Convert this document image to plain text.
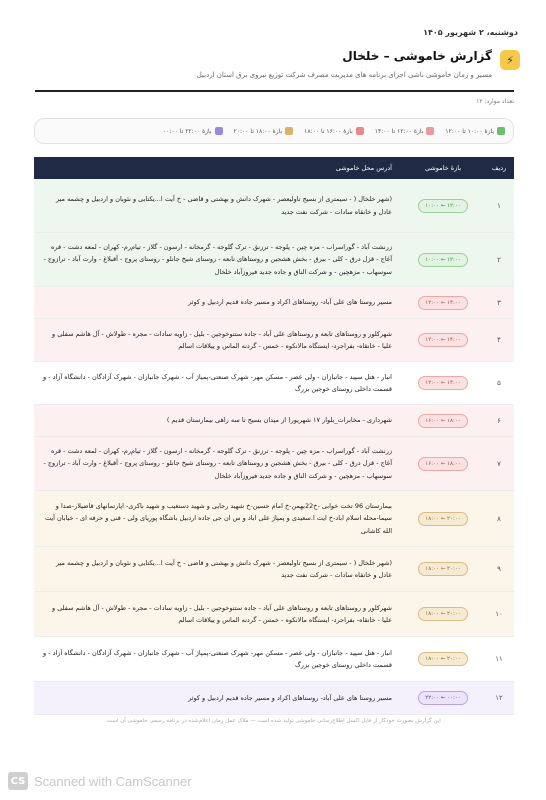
دوشنبه، ۲ شهریور ۱۴۰۵
⚡
گزارش خاموشی – خلخال
مسیر و زمان خاموشی ناشی اجرای برنامه های مدیریت مصرف شرکت توزیع نیروی برق استان اردبیل
تعداد موارد: ۱۲
بازهٔ ۱۰:۰۰ تا ۱۲:۰۰
بازهٔ ۱۲:۰۰ تا ۱۴:۰۰
بازهٔ ۱۶:۰۰ تا ۱۸:۰۰
بازهٔ ۱۸:۰۰ تا ۲۰:۰۰
بازهٔ ۲۲:۰۰ تا ۰۰:۰۰
ردیف
بازهٔ خاموشی
آدرس محل خاموشی
۱
۱۰:۰۰ ← ۱۲:۰۰
(شهر خلخال ( - سیمتری از بسیج تاولیعصر - شهرک دانش و بهشتی و قاضی - خ آیت ا...یکتایی و نئوبان و اردبیل و چشمه میر عادل و خانقاه سادات - شرکت نفت جدید
۲
۱۰:۰۰ ← ۱۲:۰۰
زرنشت آباد - گوراسراب - مزه چین - پلوجه - ترزنق - ترک گلوجه - گرمخانه - ارسون - گلاز - تیام‌رم- کهران - لمعه دشت - قره آغاج - قزل درق - کلی - بیرق - بخش هشجین و روستاهای تابعه - روستای شیخ جانلو - روستای پروج - آقبلاغ - وارت آباد - ترازوج - سوسهاب - مزهچین - و شرکت الناق و جاده جدید فیروزآباد خلخال
۳
۱۲:۰۰ ← ۱۴:۰۰
مسیر روستا های علی آباد- روستاهای اکراد و مسیر جاده قدیم اردبیل و کوثر
۴
۱۲:۰۰ ← ۱۴:۰۰
شهرکلور و روستاهای تابعه و روستاهای علی آباد - جاده ستتوخوجین - بلیل - زاویه سادات - مجره - طولاش - آل هاشم سفلی و علیا - خانقاه- بفراجرد- ایستگاه مالانکوه - خمس - گردنه الماس و ییلاقات اسالم
۵
۱۲:۰۰ ← ۱۴:۰۰
انبار - هتل سپید - جانبازان - ولی عصر - مسکن مهر- شهرک صنعتی-پمپاژ آب - شهرک جانبازان - شهرک آزادگان - دانشگاه آزاد - و قسمت داخلی روستای خوجین بزرگ
۶
۱۶:۰۰ ← ۱۸:۰۰
شهرداری - مخابرات_بلوار ۱۷ شهریور( از میدان بسیج تا سه راهی بیمارستان قدیم )
۷
۱۶:۰۰ ← ۱۸:۰۰
زرنشت آباد - گوراسراب - مزه چین - پلوجه - ترزنق - ترک گلوجه - گرمخانه - ارسون - گلاز - تیام‌رم- کهران - لمعه دشت - قره آغاج - قزل درق - کلی - بیرق - بخش هشجین و روستاهای تابعه - روستای شیخ جانلو - روستای پروج - آقبلاغ - وارت آباد - ترازوج - سوسهاب - مزهچین - و شرکت الناق و جاده جدید فیروزآباد خلخال
۸
۱۸:۰۰ ← ۲۰:۰۰
بیمارستان 96 تخت خوابی -خ22بهمن-خ امام حسین-خ شهید رجایی و شهید دستغیب و شهید باکری- اپارتمانهای قاضیلار-صدا و سیما-محله اسلام اباد-خ ایت ا.سعیدی و پمپاژ علی اباد و س ان جی جاده اردبیل باشگاه پوریای ولی - قنی و حرفه ای - خیابان آیت الله کاشانی
۹
۱۸:۰۰ ← ۲۰:۰۰
(شهر خلخال ( - سیمتری از بسیج تاولیعصر - شهرک دانش و بهشتی و قاضی - خ آیت ا...یکتایی و نئوبان و اردبیل و چشمه میر عادل و خانقاه سادات - شرکت نفت جدید
۱۰
۱۸:۰۰ ← ۲۰:۰۰
شهرکلور و روستاهای تابعه و روستاهای علی آباد - جاده ستتوخوجین - بلیل - زاویه سادات - مجره - طولاش - آل هاشم سفلی و علیا - خانقاه- بفراجرد- ایستگاه مالانکوه - خمس - گردنه الماس و ییلاقات اسالم
۱۱
۱۸:۰۰ ← ۲۰:۰۰
انبار - هتل سپید - جانبازان - ولی عصر - مسکن مهر- شهرک صنعتی-پمپاژ آب - شهرک جانبازان - شهرک آزادگان - دانشگاه آزاد - و قسمت داخلی روستای خوجین بزرگ
۱۲
۲۲:۰۰ ← ۰۰:۰۰
مسیر روستا های علی آباد- روستاهای اکراد و مسیر جاده قدیم اردبیل و کوثر
این گزارش بصورت خودکار از فایل اکسل اطلاع‌رسانی خاموشی تولید شده است — ملاک عمل زمان اعلام‌شده در برنامه رسمی خاموشی آن است.
CS Scanned with CamScanner
